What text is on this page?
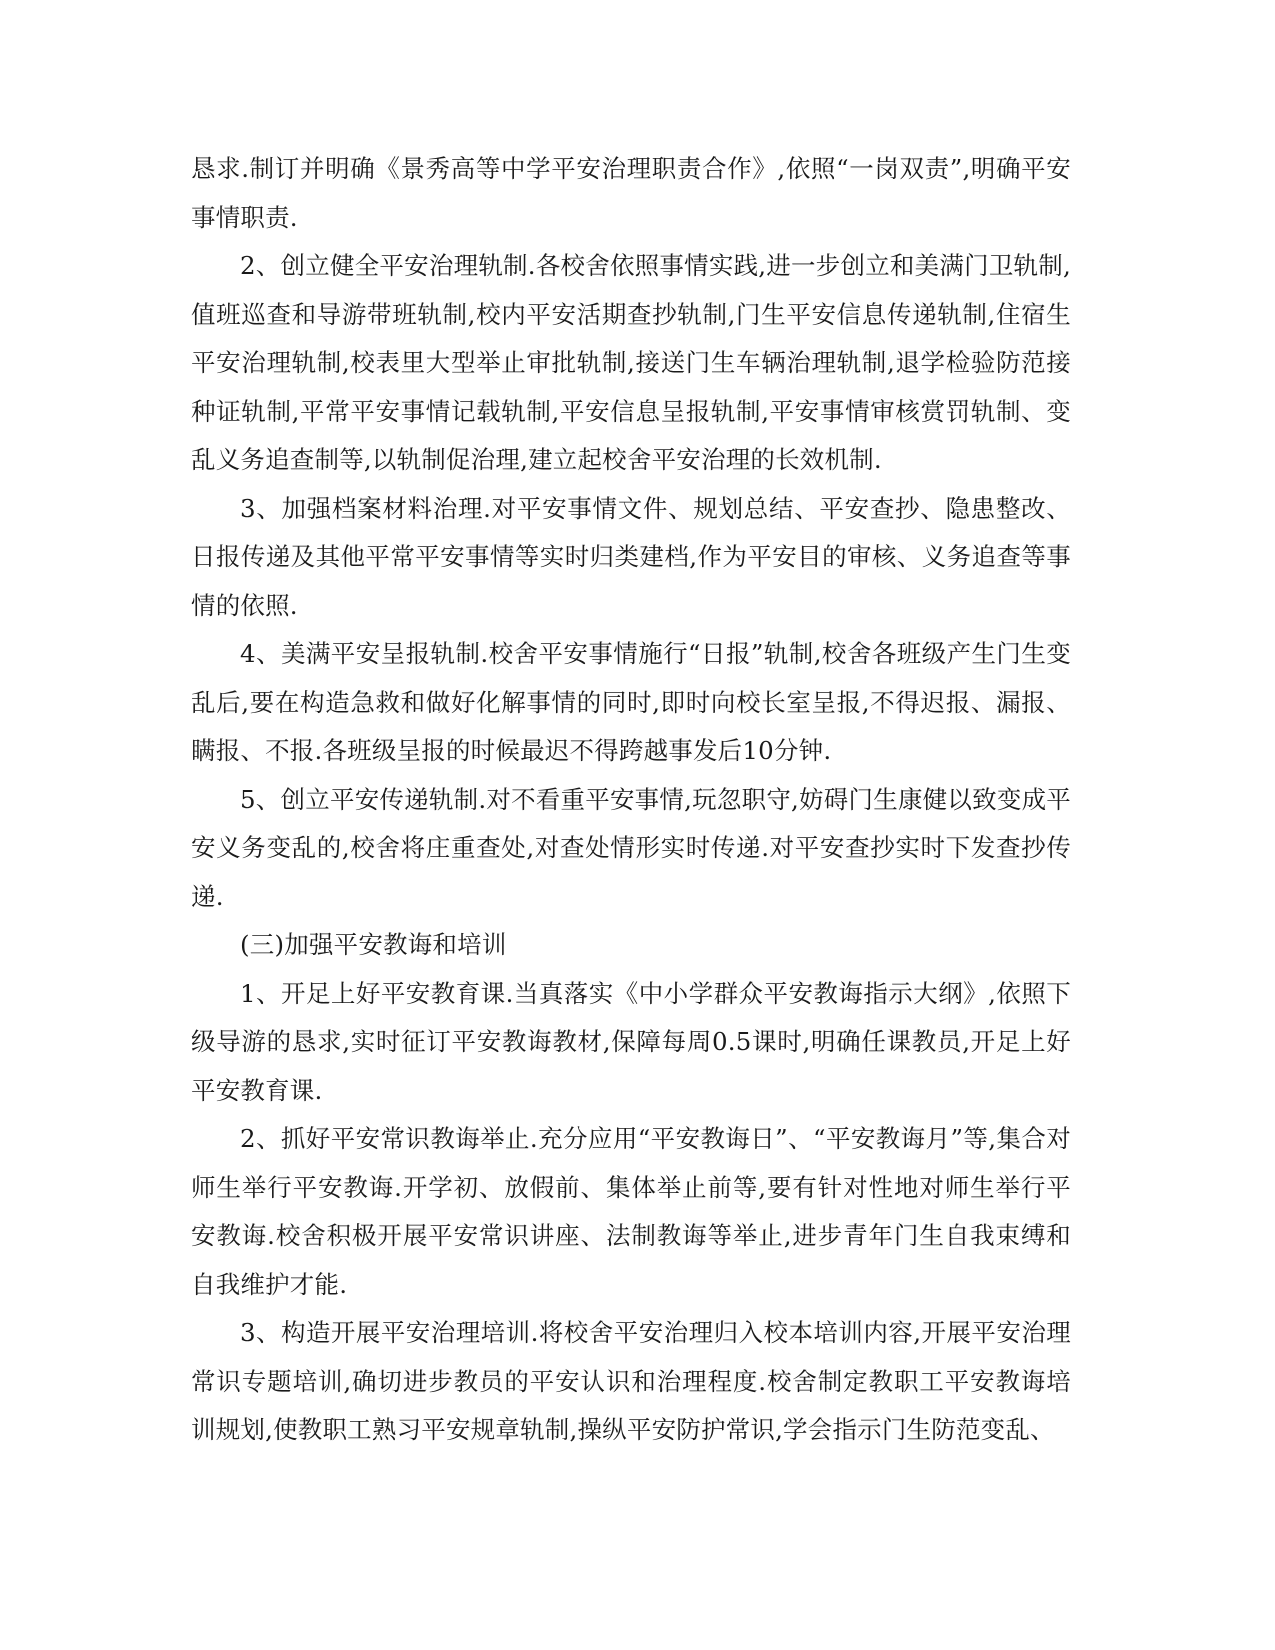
恳求.制订并明确《景秀高等中学平安治理职责合作》,依照“一岗双责”,明确平安事情职责.

2、创立健全平安治理轨制.各校舍依照事情实践,进一步创立和美满门卫轨制,值班巡查和导游带班轨制,校内平安活期查抄轨制,门生平安信息传递轨制,住宿生平安治理轨制,校表里大型举止审批轨制,接送门生车辆治理轨制,退学检验防范接种证轨制,平常平安事情记载轨制,平安信息呈报轨制,平安事情审核赏罚轨制、变乱义务追查制等,以轨制促治理,建立起校舍平安治理的长效机制.

3、加强档案材料治理.对平安事情文件、规划总结、平安查抄、隐患整改、日报传递及其他平常平安事情等实时归类建档,作为平安目的审核、义务追查等事情的依照.

4、美满平安呈报轨制.校舍平安事情施行“日报”轨制,校舍各班级产生门生变乱后,要在构造急救和做好化解事情的同时,即时向校长室呈报,不得迟报、漏报、瞒报、不报.各班级呈报的时候最迟不得跨越事发后10分钟.

5、创立平安传递轨制.对不看重平安事情,玩忽职守,妨碍门生康健以致变成平安义务变乱的,校舍将庄重查处,对查处情形实时传递.对平安查抄实时下发查抄传递.

(三)加强平安教诲和培训

1、开足上好平安教育课.当真落实《中小学群众平安教诲指示大纲》,依照下级导游的恳求,实时征订平安教诲教材,保障每周0.5课时,明确任课教员,开足上好平安教育课.

2、抓好平安常识教诲举止.充分应用“平安教诲日”、“平安教诲月”等,集合对师生举行平安教诲.开学初、放假前、集体举止前等,要有针对性地对师生举行平安教诲.校舍积极开展平安常识讲座、法制教诲等举止,进步青年门生自我束缚和自我维护才能.

3、构造开展平安治理培训.将校舍平安治理归入校本培训内容,开展平安治理常识专题培训,确切进步教员的平安认识和治理程度.校舍制定教职工平安教诲培训规划,使教职工熟习平安规章轨制,操纵平安防护常识,学会指示门生防范变乱、
